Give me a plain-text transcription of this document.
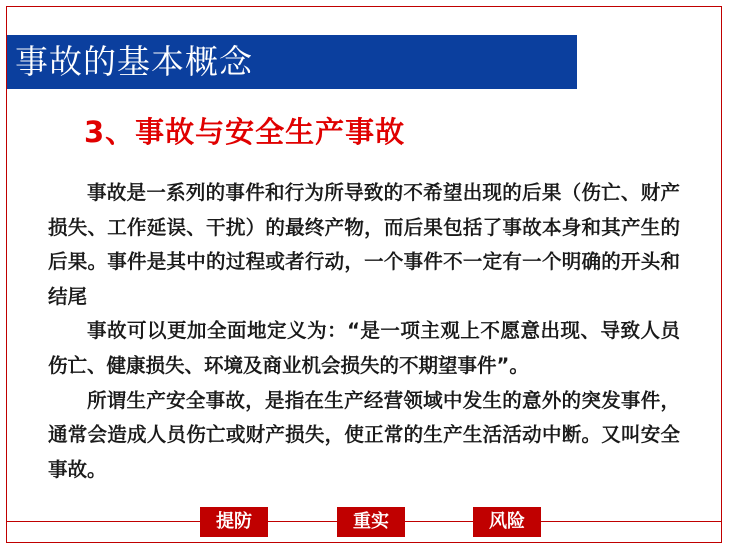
事故的基本概念
3、事故与安全生产事故

事故是一系列的事件和行为所导致的不希望出现的后果（伤亡、财产损失、工作延误、干扰）的最终产物，而后果包括了事故本身和其产生的后果。事件是其中的过程或者行动，一个事件不一定有一个明确的开头和结尾

事故可以更加全面地定义为：“是一项主观上不愿意出现、导致人员伤亡、健康损失、环境及商业机会损失的不期望事件”。

所谓生产安全事故，是指在生产经营领域中发生的意外的突发事件，通常会造成人员伤亡或财产损失，使正常的生产生活活动中断。又叫安全事故。

提防	重实	风险
